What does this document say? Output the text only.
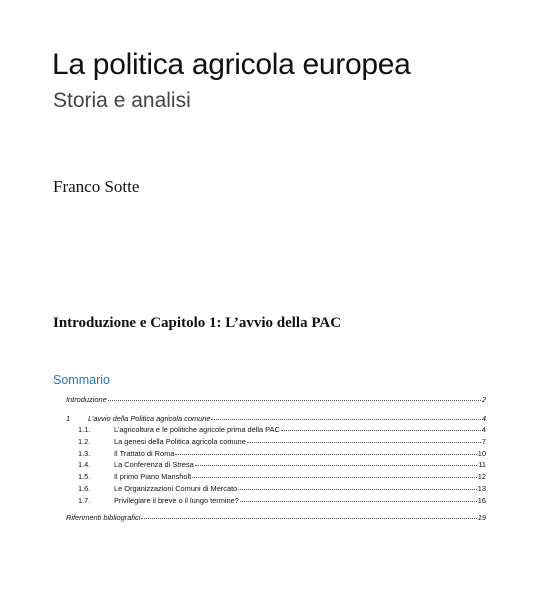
La politica agricola europea
Storia e analisi
Franco Sotte
Introduzione e Capitolo 1: L’avvio della PAC
Sommario
Introduzione	2
1	L’avvio della Politica agricola comune	4
1.1.	L’agricoltura e le politiche agricole prima della PAC	4
1.2.	La genesi della Politica agricola comune	7
1.3.	Il Trattato di Roma	10
1.4.	La Conferenza di Stresa	11
1.5.	Il primo Piano Mansholt	12
1.6.	Le Organizzazioni Comuni di Mercato	13
1.7.	Privilegiare il breve o il lungo termine?	16
Riferimenti bibliografici	19
